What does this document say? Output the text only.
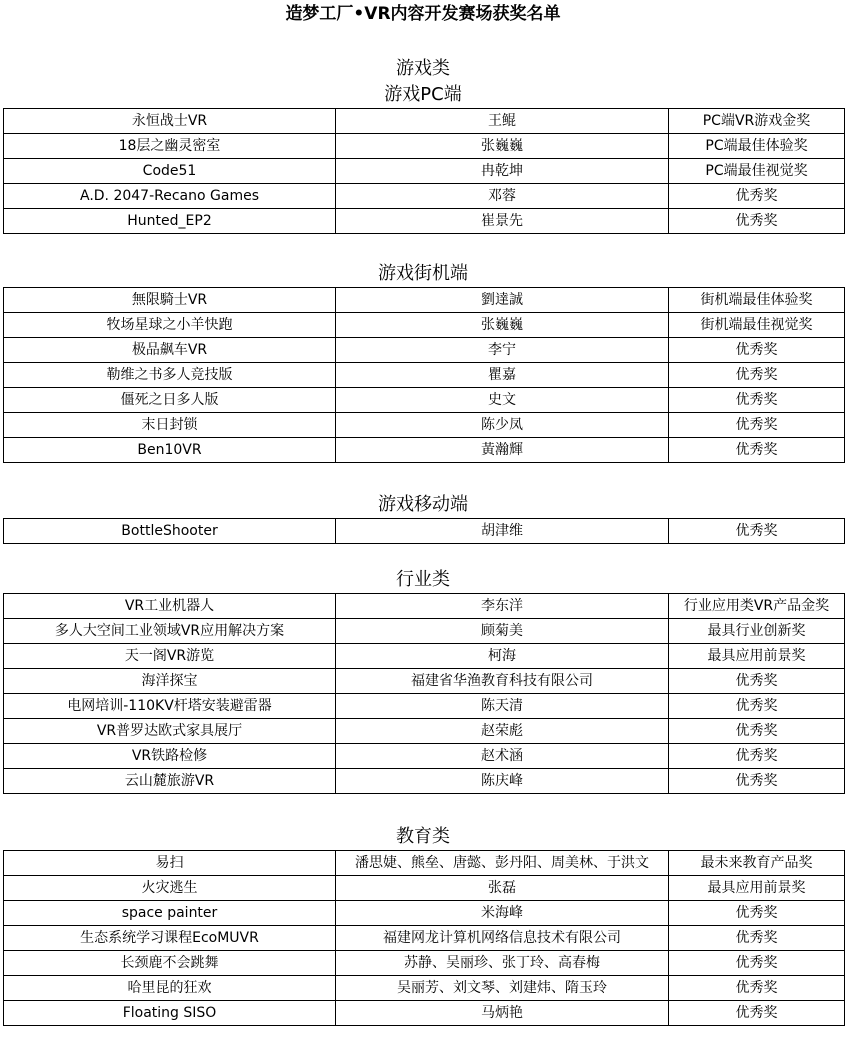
造梦工厂•VR内容开发赛场获奖名单
游戏类
游戏PC端
永恒战士VR	王鲲	PC端VR游戏金奖
18层之幽灵密室	张巍巍	PC端最佳体验奖
Code51	冉乾坤	PC端最佳视觉奖
A.D. 2047-Recano Games	邓蓉	优秀奖
Hunted_EP2	崔景先	优秀奖
游戏街机端
無限騎士VR	劉達誠	街机端最佳体验奖
牧场星球之小羊快跑	张巍巍	街机端最佳视觉奖
极品飙车VR	李宁	优秀奖
勒维之书多人竞技版	瞿嘉	优秀奖
僵死之日多人版	史文	优秀奖
末日封锁	陈少凤	优秀奖
Ben10VR	黃瀚輝	优秀奖
游戏移动端
BottleShooter	胡津维	优秀奖
行业类
VR工业机器人	李东洋	行业应用类VR产品金奖
多人大空间工业领域VR应用解决方案	顾菊美	最具行业创新奖
天一阁VR游览	柯海	最具应用前景奖
海洋探宝	福建省华渔教育科技有限公司	优秀奖
电网培训-110KV杆塔安装避雷器	陈天清	优秀奖
VR普罗达欧式家具展厅	赵荣彪	优秀奖
VR铁路检修	赵术涵	优秀奖
云山麓旅游VR	陈庆峰	优秀奖
教育类
易扫	潘思婕、熊垒、唐懿、彭丹阳、周美林、于洪文	最未来教育产品奖
火灾逃生	张磊	最具应用前景奖
space painter	米海峰	优秀奖
生态系统学习课程EcoMUVR	福建网龙计算机网络信息技术有限公司	优秀奖
长颈鹿不会跳舞	苏静、吴丽珍、张丁玲、高春梅	优秀奖
哈里昆的狂欢	吴丽芳、刘文琴、刘建炜、隋玉玲	优秀奖
Floating SISO	马炳艳	优秀奖
